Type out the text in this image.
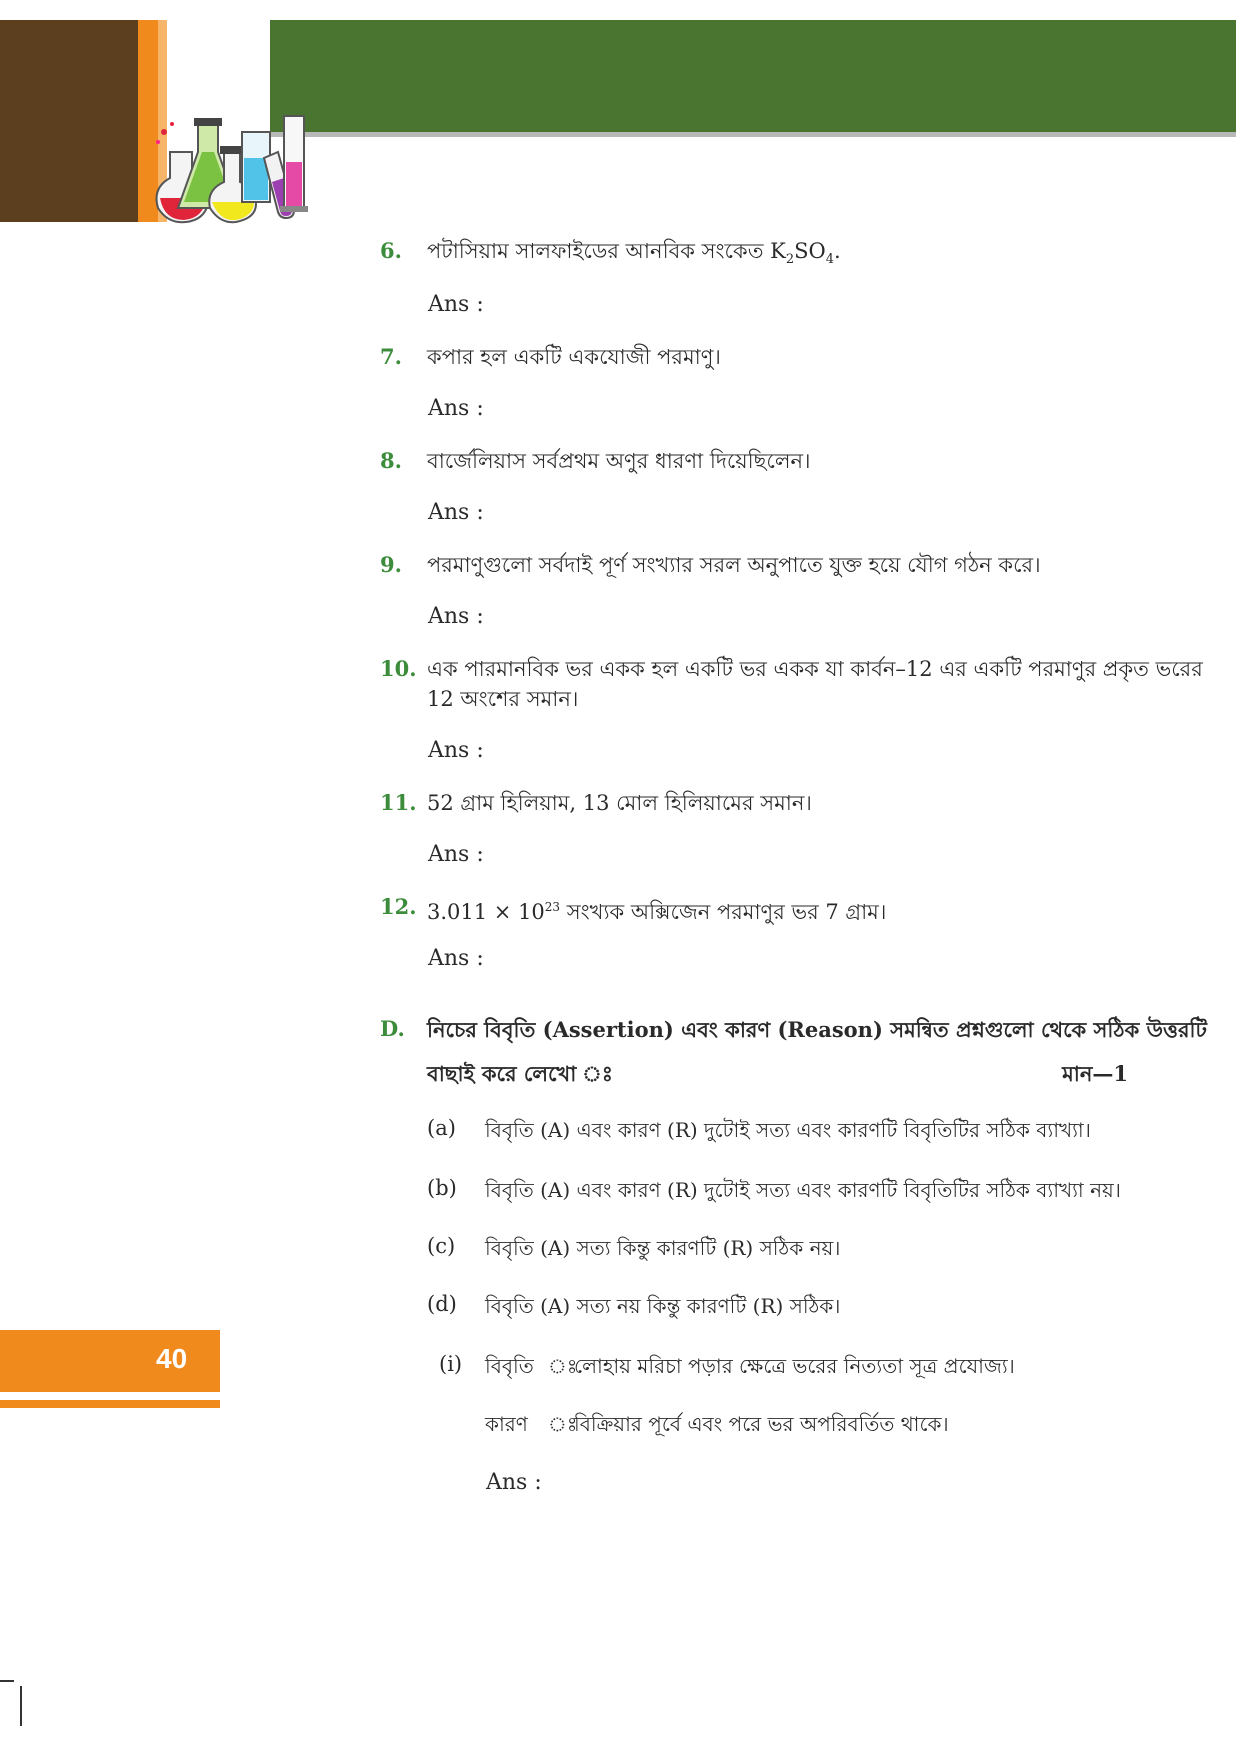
6. পটাসিয়াম সালফাইডের আনবিক সংকেত $K_2SO_4$.
Ans :
7. কপার হল একটি একযোজী পরমাণু।
Ans :
8. বার্জেলিয়াস সর্বপ্রথম অণুর ধারণা দিয়েছিলেন।
Ans :
9. পরমাণুগুলো সর্বদাই পূর্ণ সংখ্যার সরল অনুপাতে যুক্ত হয়ে যৌগ গঠন করে।
Ans :
10. এক পারমানবিক ভর একক হল একটি ভর একক যা কার্বন–12 এর একটি পরমাণুর প্রকৃত ভরের
12 অংশের সমান।
Ans :
11. 52 গ্রাম হিলিয়াম, 13 মোল হিলিয়ামের সমান।
Ans :
12. $3.011 \times 10^{23}$ সংখ্যক অক্সিজেন পরমাণুর ভর 7 গ্রাম।
Ans :
D. নিচের বিবৃতি (Assertion) এবং কারণ (Reason) সমন্বিত প্রশ্নগুলো থেকে সঠিক উত্তরটি
বাছাই করে লেখো ঃ	মান—1
(a) বিবৃতি (A) এবং কারণ (R) দুটোই সত্য এবং কারণটি বিবৃতিটির সঠিক ব্যাখ্যা।
(b) বিবৃতি (A) এবং কারণ (R) দুটোই সত্য এবং কারণটি বিবৃতিটির সঠিক ব্যাখ্যা নয়।
(c) বিবৃতি (A) সত্য কিন্তু কারণটি (R) সঠিক নয়।
(d) বিবৃতি (A) সত্য নয় কিন্তু কারণটি (R) সঠিক।
(i) বিবৃতি ঃ
লোহায় মরিচা পড়ার ক্ষেত্রে ভরের নিত্যতা সূত্র প্রযোজ্য।
কারণ ঃ
বিক্রিয়ার পূর্বে এবং পরে ভর অপরিবর্তিত থাকে।
Ans :
40
